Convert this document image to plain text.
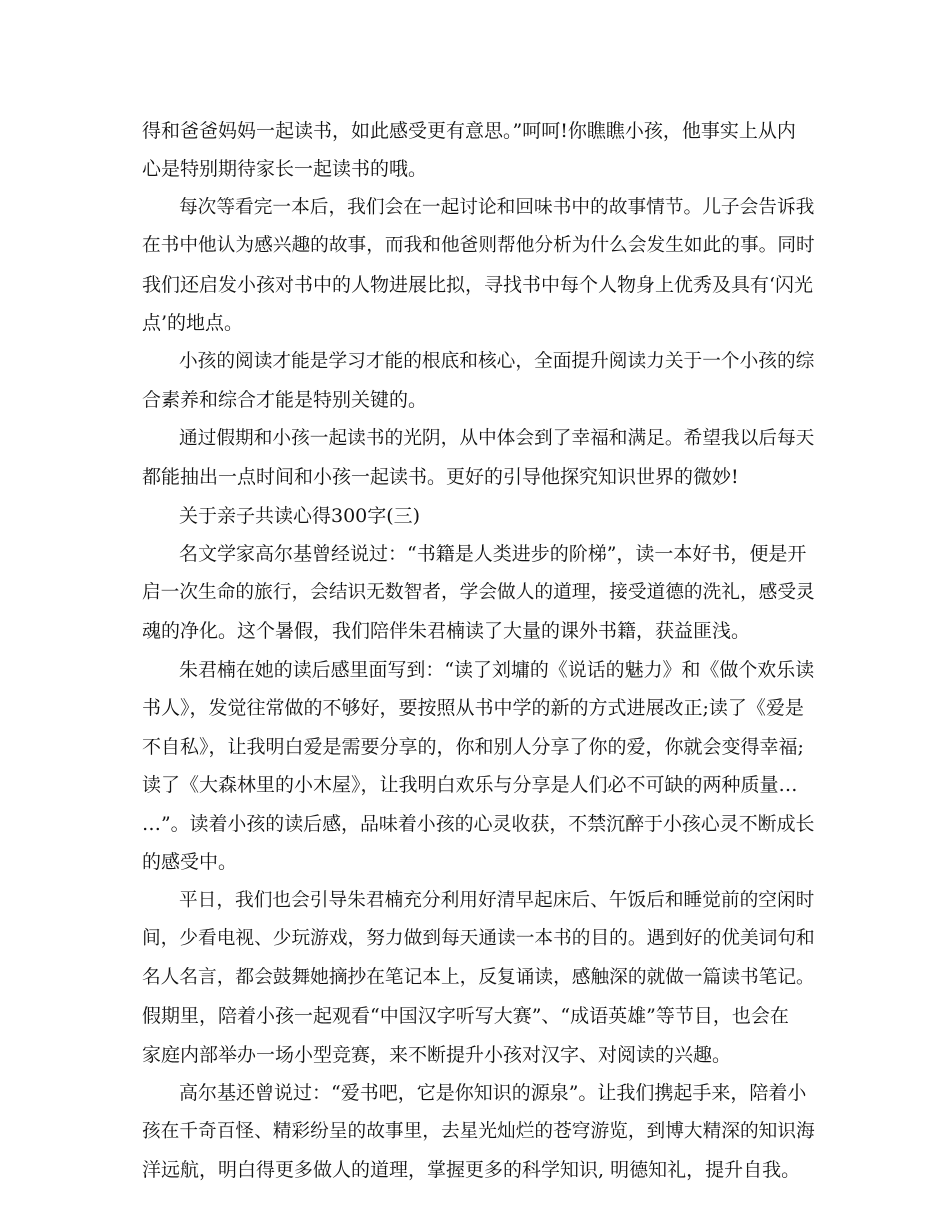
得和爸爸妈妈一起读书，如此感受更有意思。”呵呵!你瞧瞧小孩，他事实上从内
心是特别期待家长一起读书的哦。
每次等看完一本后，我们会在一起讨论和回味书中的故事情节。儿子会告诉我
在书中他认为感兴趣的故事，而我和他爸则帮他分析为什么会发生如此的事。同时
我们还启发小孩对书中的人物进展比拟，寻找书中每个人物身上优秀及具有‘闪光
点’的地点。
小孩的阅读才能是学习才能的根底和核心，全面提升阅读力关于一个小孩的综
合素养和综合才能是特别关键的。
通过假期和小孩一起读书的光阴，从中体会到了幸福和满足。希望我以后每天
都能抽出一点时间和小孩一起读书。更好的引导他探究知识世界的微妙!
关于亲子共读心得300字(三)
名文学家高尔基曾经说过：“书籍是人类进步的阶梯”，读一本好书，便是开
启一次生命的旅行，会结识无数智者，学会做人的道理，接受道德的洗礼，感受灵
魂的净化。这个暑假，我们陪伴朱君楠读了大量的课外书籍，获益匪浅。
朱君楠在她的读后感里面写到：“读了刘墉的《说话的魅力》和《做个欢乐读
书人》，发觉往常做的不够好，要按照从书中学的新的方式进展改正;读了《爱是
不自私》，让我明白爱是需要分享的，你和别人分享了你的爱，你就会变得幸福;
读了《大森林里的小木屋》，让我明白欢乐与分享是人们必不可缺的两种质量…
…”。读着小孩的读后感，品味着小孩的心灵收获，不禁沉醉于小孩心灵不断成长
的感受中。
平日，我们也会引导朱君楠充分利用好清早起床后、午饭后和睡觉前的空闲时
间，少看电视、少玩游戏，努力做到每天通读一本书的目的。遇到好的优美词句和
名人名言，都会鼓舞她摘抄在笔记本上，反复诵读，感触深的就做一篇读书笔记。
假期里，陪着小孩一起观看“中国汉字听写大赛”、“成语英雄”等节目，也会在
家庭内部举办一场小型竞赛，来不断提升小孩对汉字、对阅读的兴趣。
高尔基还曾说过：“爱书吧，它是你知识的源泉”。让我们携起手来，陪着小
孩在千奇百怪、精彩纷呈的故事里，去星光灿烂的苍穹游览，到博大精深的知识海
洋远航，明白得更多做人的道理，掌握更多的科学知识, 明德知礼，提升自我。
